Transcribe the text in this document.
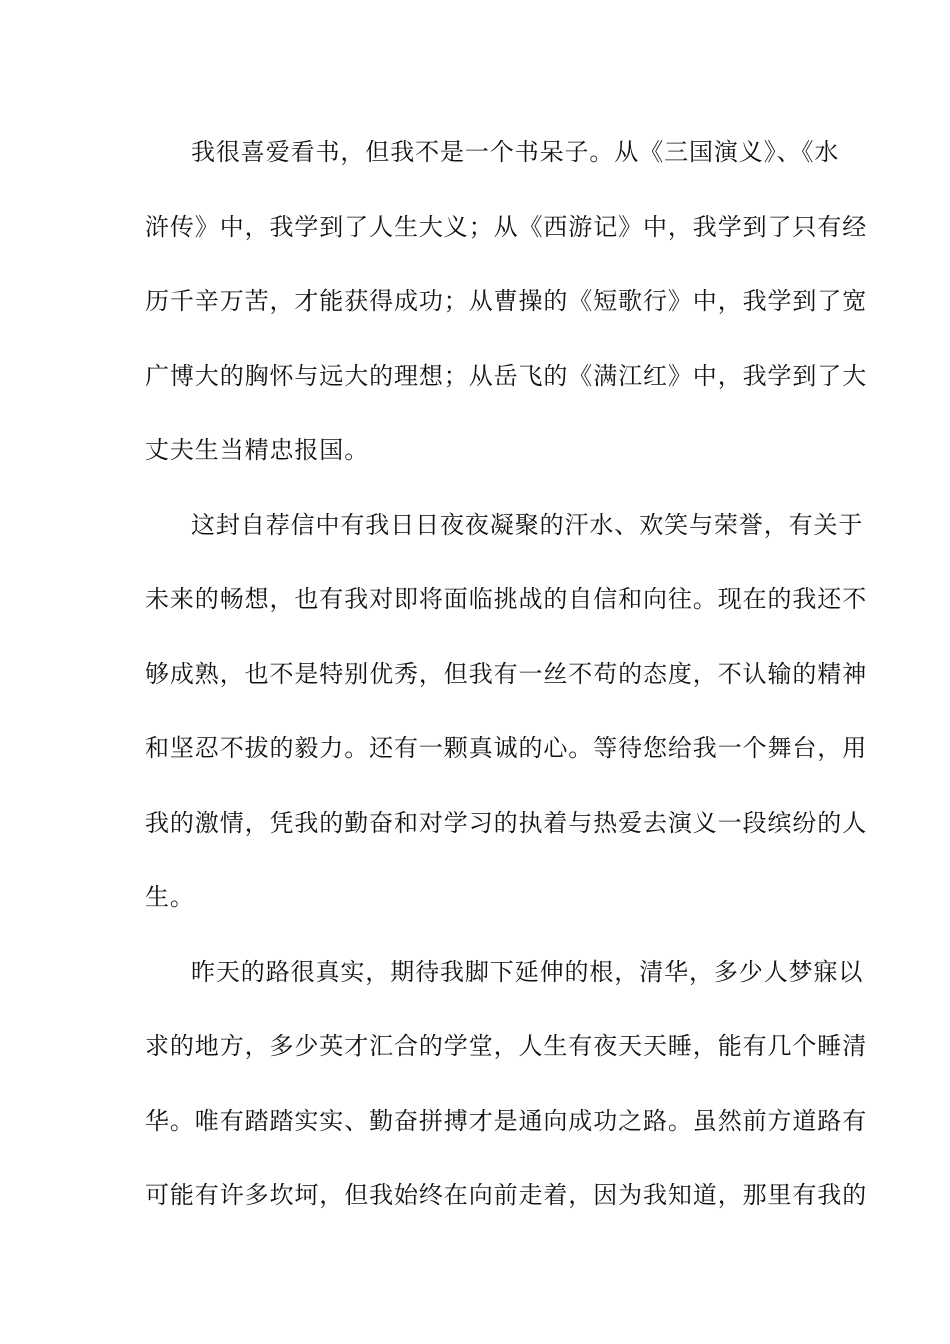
我很喜爱看书，但我不是一个书呆子。从《三国演义》、《水
浒传》中，我学到了人生大义；从《西游记》中，我学到了只有经
历千辛万苦，才能获得成功；从曹操的《短歌行》中，我学到了宽
广博大的胸怀与远大的理想；从岳飞的《满江红》中，我学到了大
丈夫生当精忠报国。
这封自荐信中有我日日夜夜凝聚的汗水、欢笑与荣誉，有关于
未来的畅想，也有我对即将面临挑战的自信和向往。现在的我还不
够成熟，也不是特别优秀，但我有一丝不苟的态度，不认输的精神
和坚忍不拔的毅力。还有一颗真诚的心。等待您给我一个舞台，用
我的激情，凭我的勤奋和对学习的执着与热爱去演义一段缤纷的人
生。
昨天的路很真实，期待我脚下延伸的根，清华，多少人梦寐以
求的地方，多少英才汇合的学堂，人生有夜天天睡，能有几个睡清
华。唯有踏踏实实、勤奋拼搏才是通向成功之路。虽然前方道路有
可能有许多坎坷，但我始终在向前走着，因为我知道，那里有我的
